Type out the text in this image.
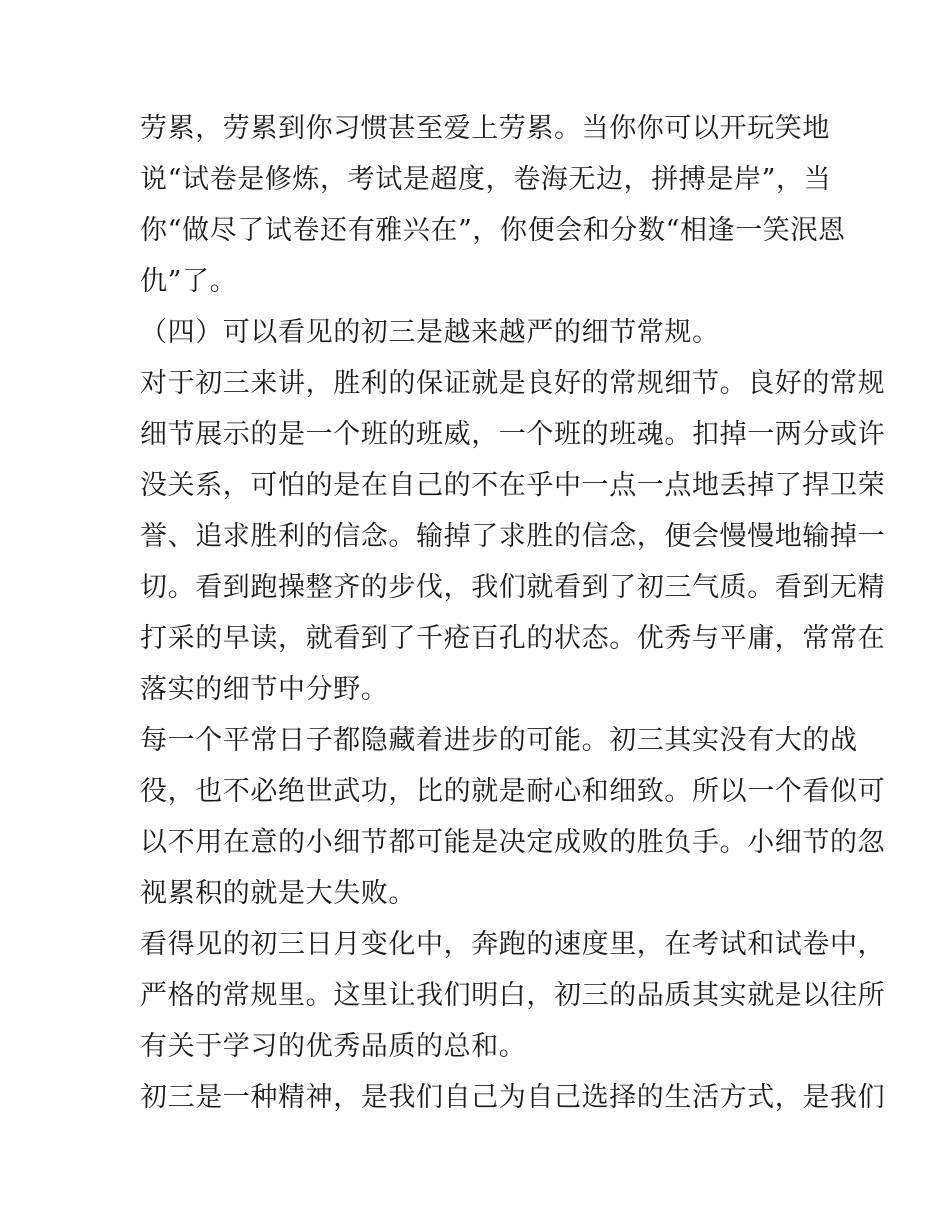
劳累，劳累到你习惯甚至爱上劳累。当你你可以开玩笑地

说“试卷是修炼，考试是超度，卷海无边，拼搏是岸”，当

你“做尽了试卷还有雅兴在”，你便会和分数“相逢一笑泯恩

仇”了。

（四）可以看见的初三是越来越严的细节常规。

对于初三来讲，胜利的保证就是良好的常规细节。良好的常规

细节展示的是一个班的班威，一个班的班魂。扣掉一两分或许

没关系，可怕的是在自己的不在乎中一点一点地丢掉了捍卫荣

誉、追求胜利的信念。输掉了求胜的信念，便会慢慢地输掉一

切。看到跑操整齐的步伐，我们就看到了初三气质。看到无精

打采的早读，就看到了千疮百孔的状态。优秀与平庸，常常在

落实的细节中分野。

每一个平常日子都隐藏着进步的可能。初三其实没有大的战

役，也不必绝世武功，比的就是耐心和细致。所以一个看似可

以不用在意的小细节都可能是决定成败的胜负手。小细节的忽

视累积的就是大失败。

看得见的初三日月变化中，奔跑的速度里，在考试和试卷中，

严格的常规里。这里让我们明白，初三的品质其实就是以往所

有关于学习的优秀品质的总和。

初三是一种精神，是我们自己为自己选择的生活方式，是我们
